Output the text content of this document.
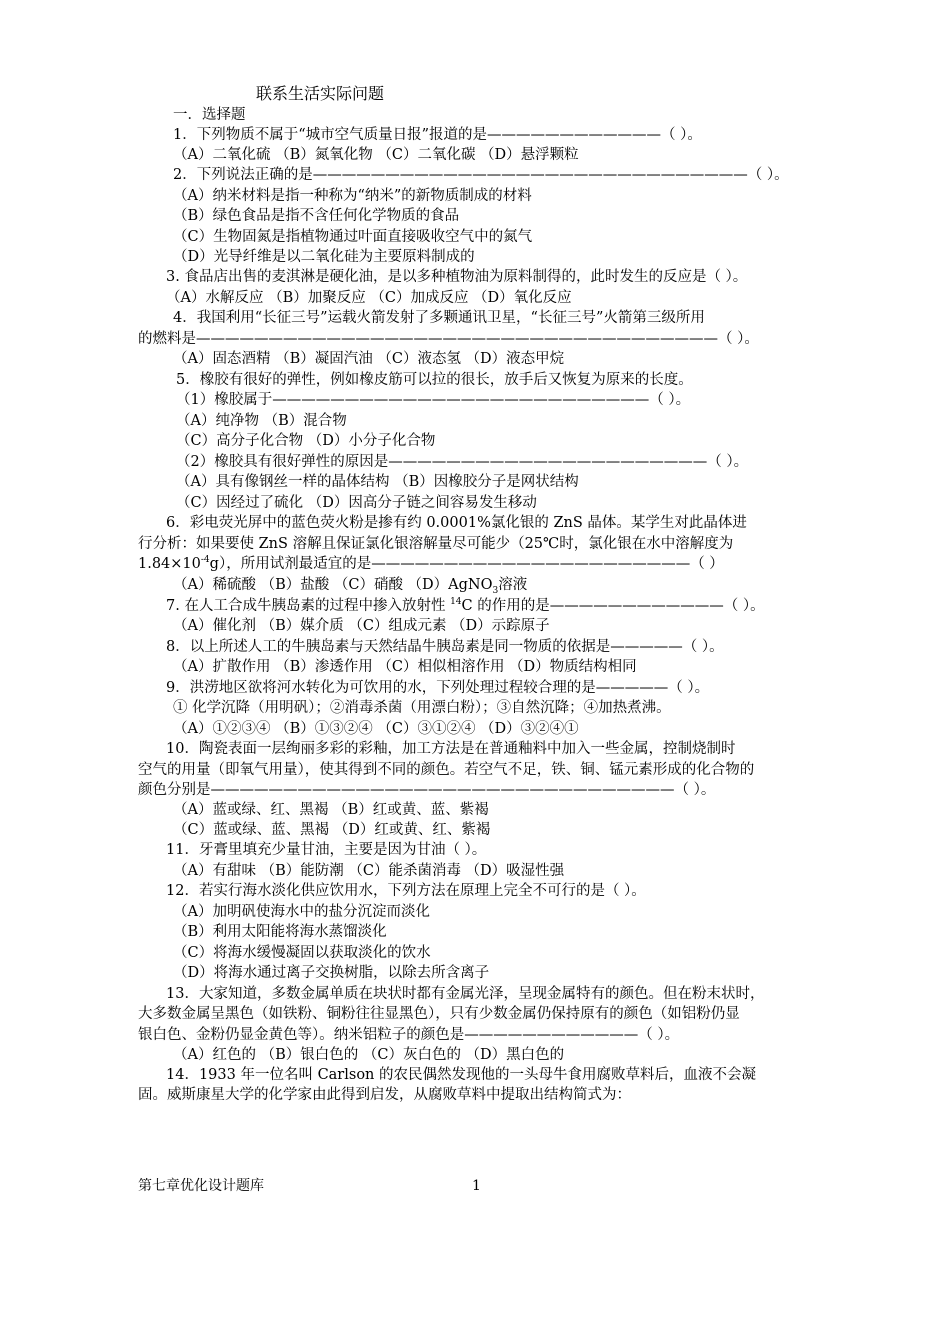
联系生活实际问题
一．选择题
1．下列物质不属于“城市空气质量日报”报道的是————————————（ ）。
（A）二氧化硫 （B）氮氧化物 （C）二氧化碳 （D）悬浮颗粒
2．下列说法正确的是——————————————————————————————（ ）。
（A）纳米材料是指一种称为“纳米”的新物质制成的材料
（B）绿色食品是指不含任何化学物质的食品
（C）生物固氮是指植物通过叶面直接吸收空气中的氮气
（D）光导纤维是以二氧化硅为主要原料制成的
3. 食品店出售的麦淇淋是硬化油，是以多种植物油为原料制得的，此时发生的反应是（ ）。
（A）水解反应 （B）加聚反应 （C）加成反应 （D）氧化反应
4．我国利用“长征三号”运载火箭发射了多颗通讯卫星，“长征三号”火箭第三级所用
的燃料是————————————————————————————————————（ ）。
（A）固态酒精 （B）凝固汽油 （C）液态氢 （D）液态甲烷
5．橡胶有很好的弹性，例如橡皮筋可以拉的很长，放手后又恢复为原来的长度。
（1）橡胶属于——————————————————————————（ ）。
（A）纯净物 （B）混合物
（C）高分子化合物 （D）小分子化合物
（2）橡胶具有很好弹性的原因是——————————————————————（ ）。
（A）具有像钢丝一样的晶体结构 （B）因橡胶分子是网状结构
（C）因经过了硫化 （D）因高分子链之间容易发生移动
6．彩电荧光屏中的蓝色荧火粉是掺有约 0.0001%氯化银的 ZnS 晶体。某学生对此晶体进
行分析：如果要使 ZnS 溶解且保证氯化银溶解量尽可能少（25℃时，氯化银在水中溶解度为
$1.84\times 10^{-4}g$），所用试剂最适宜的是——————————————————————（ ）
（A）稀硫酸 （B）盐酸 （C）硝酸 （D）AgNO$_3$溶液
7. 在人工合成牛胰岛素的过程中掺入放射性 $^{14}$C 的作用的是————————————（ ）。
（A）催化剂 （B）媒介质 （C）组成元素 （D）示踪原子
8．以上所述人工的牛胰岛素与天然结晶牛胰岛素是同一物质的依据是—————（ ）。
（A）扩散作用 （B）渗透作用 （C）相似相溶作用 （D）物质结构相同
9．洪涝地区欲将河水转化为可饮用的水，下列处理过程较合理的是—————（ ）。
① 化学沉降（用明矾）；②消毒杀菌（用漂白粉）；③自然沉降；④加热煮沸。
（A）①②③④ （B）①③②④ （C）③①②④ （D）③②④①
10．陶瓷表面一层绚丽多彩的彩釉，加工方法是在普通釉料中加入一些金属，控制烧制时
空气的用量（即氧气用量），使其得到不同的颜色。若空气不足，铁、铜、锰元素形成的化合物的
颜色分别是————————————————————————————————（ ）。
（A）蓝或绿、红、黑褐 （B）红或黄、蓝、紫褐
（C）蓝或绿、蓝、黑褐 （D）红或黄、红、紫褐
11．牙膏里填充少量甘油，主要是因为甘油（ ）。
（A）有甜味 （B）能防潮 （C）能杀菌消毒 （D）吸湿性强
12．若实行海水淡化供应饮用水，下列方法在原理上完全不可行的是（ ）。
（A）加明矾使海水中的盐分沉淀而淡化
（B）利用太阳能将海水蒸馏淡化
（C）将海水缓慢凝固以获取淡化的饮水
（D）将海水通过离子交换树脂，以除去所含离子
13．大家知道，多数金属单质在块状时都有金属光泽，呈现金属特有的颜色。但在粉末状时，
大多数金属呈黑色（如铁粉、铜粉往往显黑色），只有少数金属仍保持原有的颜色（如铝粉仍显
银白色、金粉仍显金黄色等）。纳米铝粒子的颜色是————————————（ ）。
（A）红色的 （B）银白色的 （C）灰白色的 （D）黑白色的
14．1933 年一位名叫 Carlson 的农民偶然发现他的一头母牛食用腐败草料后，血液不会凝
固。威斯康星大学的化学家由此得到启发，从腐败草料中提取出结构简式为：
第七章优化设计题库	1
